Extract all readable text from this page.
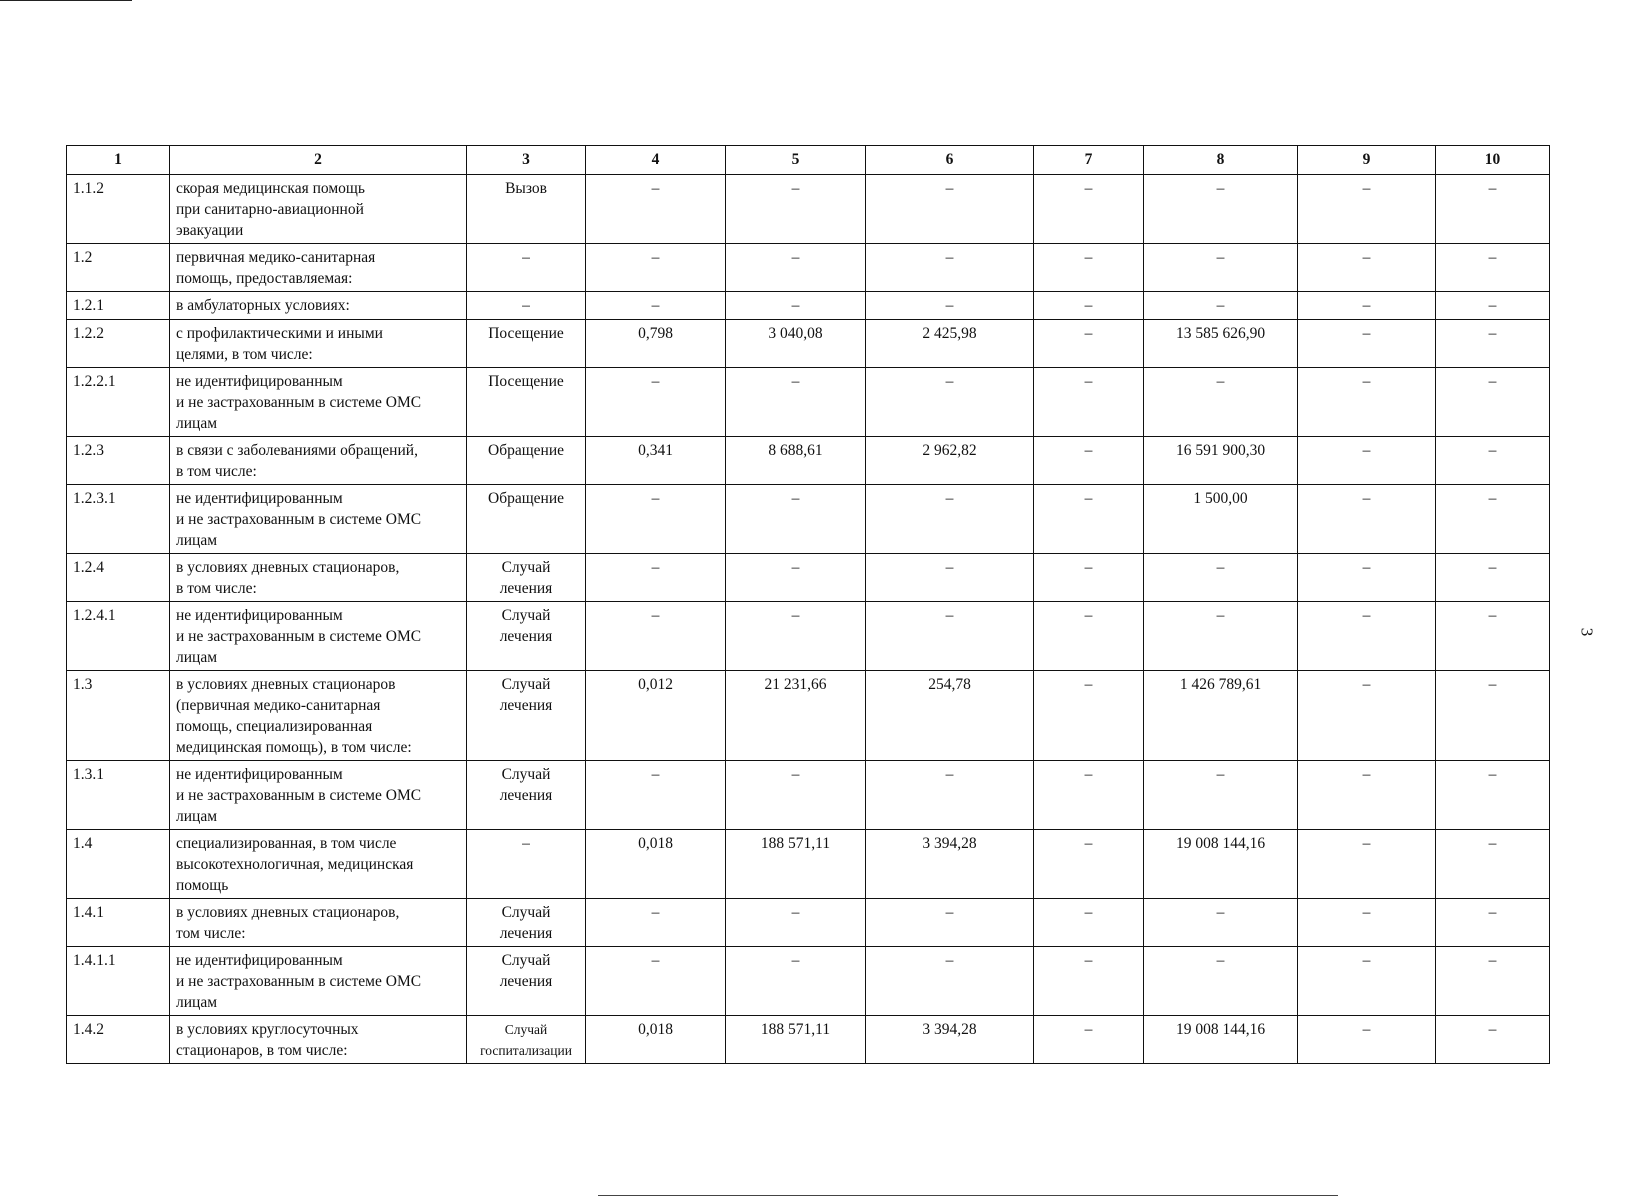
1	2	3	4	5	6	7	8	9	10

1.1.2	скорая медицинская помощь
при санитарно-авиационной
эвакуации	Вызов	–	–	–	–	–	–	–

1.2	первичная медико-санитарная
помощь, предоставляемая:	–	–	–	–	–	–	–	–

1.2.1	в амбулаторных условиях:	–	–	–	–	–	–	–	–

1.2.2	с профилактическими и иными
целями, в том числе:	Посещение	0,798	3 040,08	2 425,98	–	13 585 626,90	–	–

1.2.2.1	не идентифицированным
и не застрахованным в системе ОМС
лицам	Посещение	–	–	–	–	–	–	–

1.2.3	в связи с заболеваниями обращений,
в том числе:	Обращение	0,341	8 688,61	2 962,82	–	16 591 900,30	–	–

1.2.3.1	не идентифицированным
и не застрахованным в системе ОМС
лицам	Обращение	–	–	–	–	1 500,00	–	–

1.2.4	в условиях дневных стационаров,
в том числе:	Случай
лечения	–	–	–	–	–	–	–

1.2.4.1	не идентифицированным
и не застрахованным в системе ОМС
лицам	Случай
лечения	–	–	–	–	–	–	–

1.3	в условиях дневных стационаров
(первичная медико-санитарная
помощь, специализированная
медицинская помощь), в том числе:	Случай
лечения	0,012	21 231,66	254,78	–	1 426 789,61	–	–

1.3.1	не идентифицированным
и не застрахованным в системе ОМС
лицам	Случай
лечения	–	–	–	–	–	–	–

1.4	специализированная, в том числе
высокотехнологичная, медицинская
помощь	–	0,018	188 571,11	3 394,28	–	19 008 144,16	–	–

1.4.1	в условиях дневных стационаров,
том числе:	Случай
лечения	–	–	–	–	–	–	–

1.4.1.1	не идентифицированным
и не застрахованным в системе ОМС
лицам	Случай
лечения	–	–	–	–	–	–	–

1.4.2	в условиях круглосуточных
стационаров, в том числе:	Случай
госпитализации	0,018	188 571,11	3 394,28	–	19 008 144,16	–	–
3
